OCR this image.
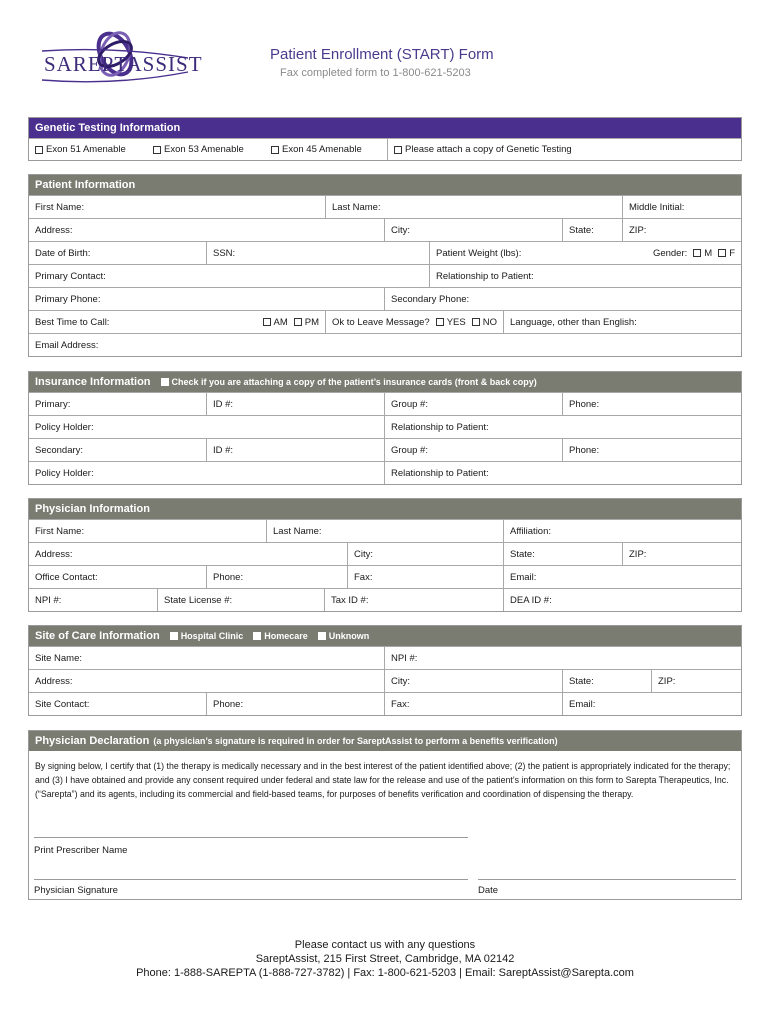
SAREPTASSIST	Patient Enrollment (START) Form
Fax completed form to 1-800-621-5203
Genetic Testing Information
Exon 51 Amenable	Exon 53 Amenable	Exon 45 Amenable	Please attach a copy of Genetic Testing
Patient Information
First Name:	Last Name:	Middle Initial:
Address:	City:	State:	ZIP:
Date of Birth:	SSN:	Patient Weight (lbs):	Gender: M F
Primary Contact:	Relationship to Patient:
Primary Phone:	Secondary Phone:
Best Time to Call:	AM PM Ok to Leave Message? YES NO	Language, other than English:
Email Address:
Insurance Information Check if you are attaching a copy of the patient’s insurance cards (front & back copy)
Primary:	ID #:	Group #:	Phone:
Policy Holder:	Relationship to Patient:
Secondary:	ID #:	Group #:	Phone:
Policy Holder:	Relationship to Patient:
Physician Information
First Name:	Last Name:	Affiliation:
Address:	City:	State:	ZIP:
Office Contact:	Phone:	Fax:	Email:
NPI #:	State License #:	Tax ID #:	DEA ID #:
Site of Care Information Hospital Clinic Homecare Unknown
Site Name:	NPI #:
Address:	City:	State:	ZIP:
Site Contact:	Phone:	Fax:	Email:
Physician Declaration (a physician’s signature is required in order for SareptAssist to perform a benefits verification)
By signing below, I certify that (1) the therapy is medically necessary and in the best interest of the patient identified above; (2) the patient is appropriately indicated for the therapy; and (3) I have obtained and provide any consent required under federal and state law for the release and use of the patient’s information on this form to Sarepta Therapeutics, Inc. (“Sarepta”) and its agents, including its commercial and field-based teams, for purposes of benefits verification and coordination of dispensing the therapy.
Print Prescriber Name
Physician Signature	Date
Please contact us with any questions
SareptAssist, 215 First Street, Cambridge, MA 02142
Phone: 1-888-SAREPTA (1-888-727-3782) | Fax: 1-800-621-5203 | Email: SareptAssist@Sarepta.com
